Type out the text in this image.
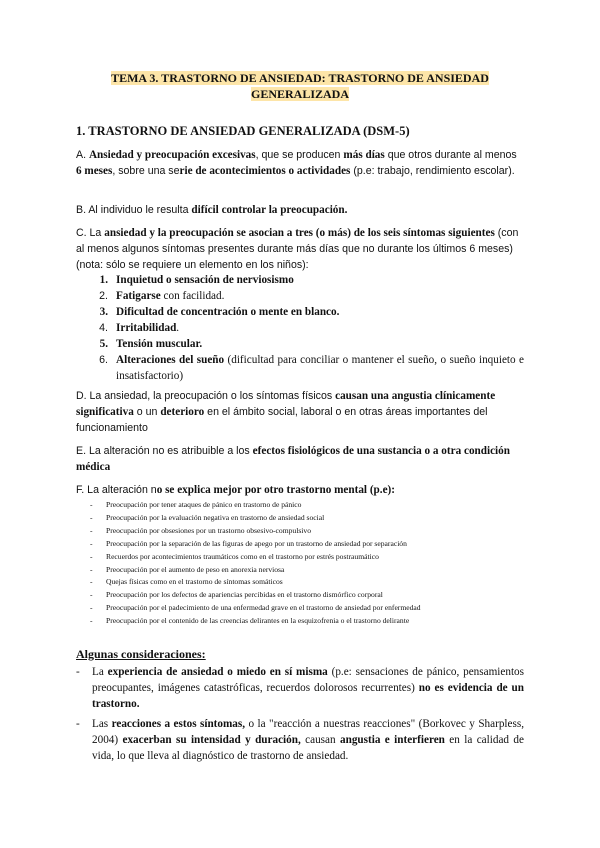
TEMA 3. TRASTORNO DE ANSIEDAD: TRASTORNO DE ANSIEDAD
GENERALIZADA
1. TRASTORNO DE ANSIEDAD GENERALIZADA (DSM-5)
A. Ansiedad y preocupación excesivas, que se producen más días que otros durante al menos 6 meses, sobre una serie de acontecimientos o actividades (p.e: trabajo, rendimiento escolar).
B. Al individuo le resulta difícil controlar la preocupación.
C. La ansiedad y la preocupación se asocian a tres (o más) de los seis síntomas siguientes (con al menos algunos síntomas presentes durante más días que no durante los últimos 6 meses) (nota: sólo se requiere un elemento en los niños):
1. Inquietud o sensación de nerviosismo
2. Fatigarse con facilidad.
3. Dificultad de concentración o mente en blanco.
4. Irritabilidad.
5. Tensión muscular.
6. Alteraciones del sueño (dificultad para conciliar o mantener el sueño, o sueño inquieto e insatisfactorio)
D. La ansiedad, la preocupación o los síntomas físicos causan una angustia clínicamente significativa o un deterioro en el ámbito social, laboral o en otras áreas importantes del funcionamiento
E. La alteración no es atribuible a los efectos fisiológicos de una sustancia o a otra condición médica
F. La alteración no se explica mejor por otro trastorno mental (p.e):
-	Preocupación por tener ataques de pánico en trastorno de pánico
-	Preocupación por la evaluación negativa en trastorno de ansiedad social
-	Preocupación por obsesiones por un trastorno obsesivo-compulsivo
-	Preocupación por la separación de las figuras de apego por un trastorno de ansiedad por separación
-	Recuerdos por acontecimientos traumáticos como en el trastorno por estrés postraumático
-	Preocupación por el aumento de peso en anorexia nerviosa
-	Quejas físicas como en el trastorno de síntomas somáticos
-	Preocupación por los defectos de apariencias percibidas en el trastorno dismórfico corporal
-	Preocupación por el padecimiento de una enfermedad grave en el trastorno de ansiedad por enfermedad
-	Preocupación por el contenido de las creencias delirantes en la esquizofrenia o el trastorno delirante
Algunas consideraciones:
-	La experiencia de ansiedad o miedo en sí misma (p.e: sensaciones de pánico, pensamientos preocupantes, imágenes catastróficas, recuerdos dolorosos recurrentes) no es evidencia de un trastorno.
-	Las reacciones a estos síntomas, o la "reacción a nuestras reacciones" (Borkovec y Sharpless, 2004) exacerban su intensidad y duración, causan angustia e interfieren en la calidad de vida, lo que lleva al diagnóstico de trastorno de ansiedad.
